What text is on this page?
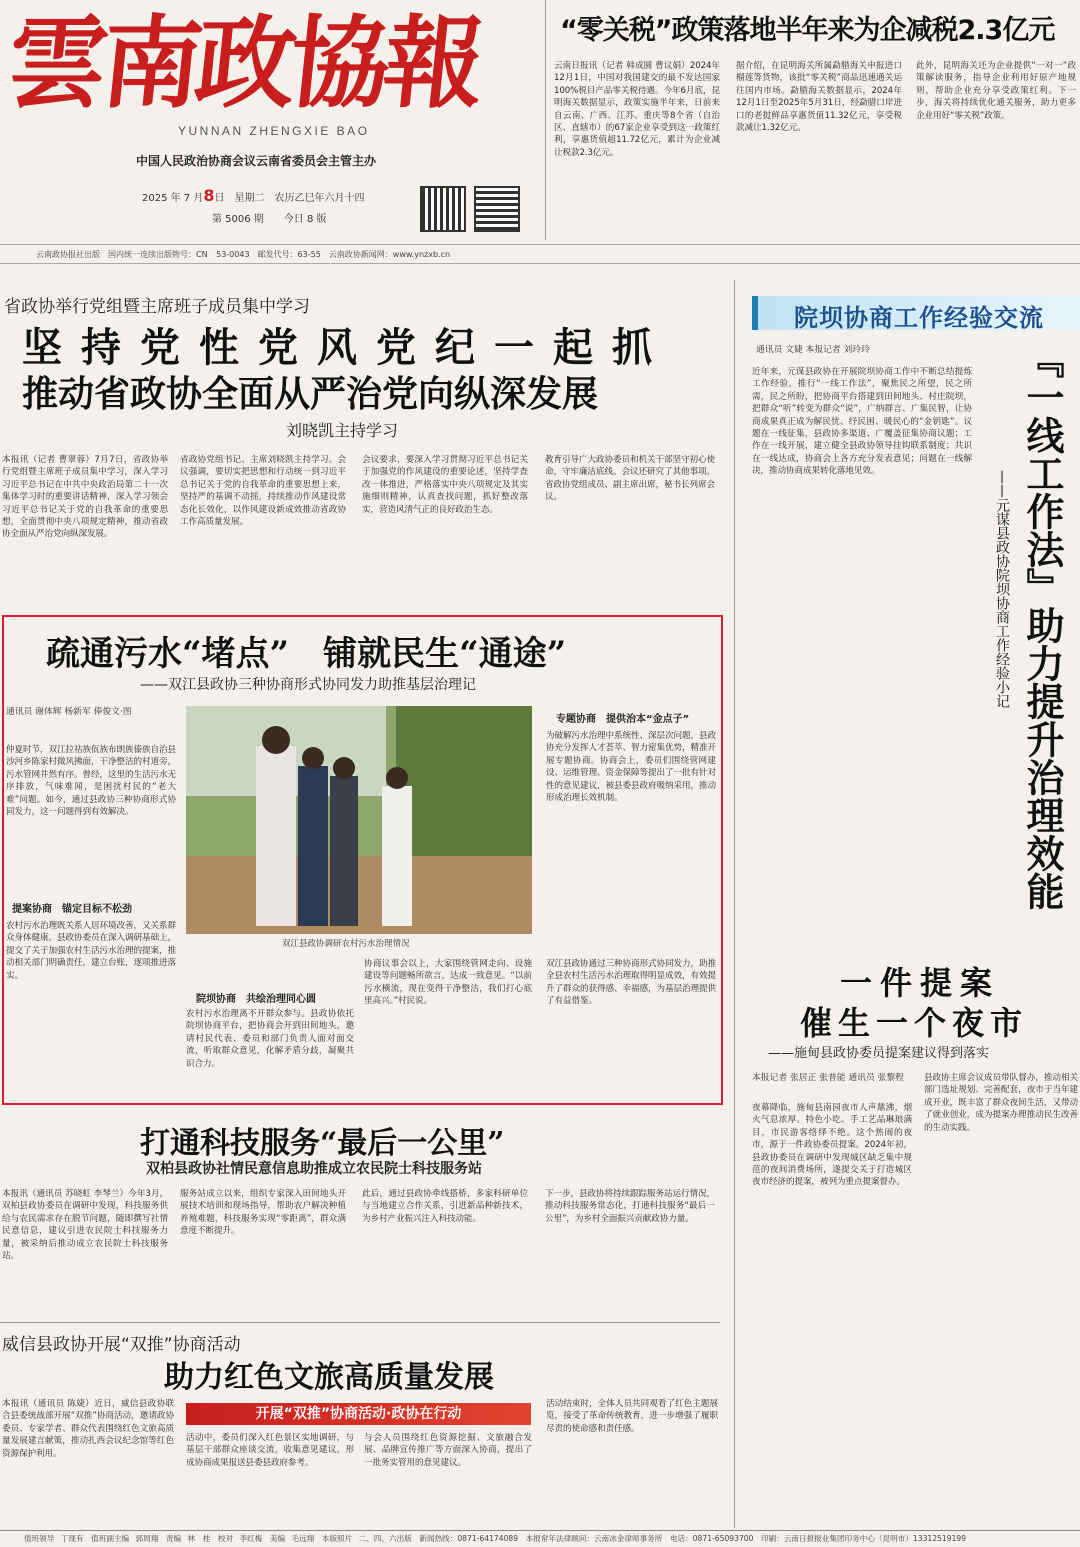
雲南政協報
YUNNAN ZHENGXIE BAO
中国人民政治协商会议云南省委员会主管主办
2025 年 7 月8日　星期二　农历乙巳年六月十四
第 5006 期　　今日 8 版
“零关税”政策落地半年来为企减税2.3亿元
云南日报讯（记者 韩成圆 曹议娟）2024年12月1日，中国对我国建交的最不发达国家100%税目产品零关税待遇。今年6月底，昆明海关数据显示，政策实施半年来，日前来自云南、广西、江苏、重庆等8个省（自治区、直辖市）的67家企业享受到这一政策红利，享惠货值超11.72亿元，累计为企业减让税款2.3亿元。
据介绍，在昆明海关所属勐腊海关申报进口榴莲等货物，该批“零关税”商品迅速通关运往国内市场。勐腊海关数据显示，2024年12月1日至2025年5月31日，经勐腊口岸进口的老挝鲜品享惠货值11.32亿元，享受税款减让1.32亿元。
此外，昆明海关还为企业提供“一对一”政策解读服务，指导企业利用好原产地规则，帮助企业充分享受政策红利。下一步，海关将持续优化通关服务，助力更多企业用好“零关税”政策。
云南政协报社出版　国内统一连续出版物号：CN 53-0043　邮发代号：63-55　云南政协新闻网：www.ynzxb.cn
省政协举行党组暨主席班子成员集中学习
坚持党性党风党纪一起抓
推动省政协全面从严治党向纵深发展
刘晓凯主持学习
本报讯（记者 曹翠蓉）7月7日，省政协举行党组暨主席班子成员集中学习，深入学习习近平总书记在中共中央政治局第二十一次集体学习时的重要讲话精神，深入学习领会习近平总书记关于党的自我革命的重要思想，全面贯彻中央八项规定精神，推动省政协全面从严治党向纵深发展。
省政协党组书记、主席刘晓凯主持学习。会议强调，要切实把思想和行动统一到习近平总书记关于党的自我革命的重要思想上来，坚持严的基调不动摇，持续推动作风建设常态化长效化，以作风建设新成效推动省政协工作高质量发展。
会议要求，要深入学习贯彻习近平总书记关于加强党的作风建设的重要论述，坚持学查改一体推进，严格落实中央八项规定及其实施细则精神，认真查找问题，抓好整改落实，营造风清气正的良好政治生态。
教育引导广大政协委员和机关干部坚守初心使命，守牢廉洁底线。会议还研究了其他事项。省政协党组成员、副主席出席，秘书长列席会议。
疏通污水“堵点”　铺就民生“通途”
——双江县政协三种协商形式协同发力助推基层治理记
通讯员 谢体辉 杨新军 俸俊文·图
仲夏时节，双江拉祜族佤族布朗族傣族自治县沙河乡陈家村微风拂面，干净整洁的村道旁，污水管网井然有序。曾经，这里的生活污水无序排放，气味难闻，是困扰村民的“老大难”问题。如今，通过县政协三种协商形式协同发力，这一问题得到有效解决。
提案协商　锚定目标不松劲
农村污水治理既关系人居环境改善，又关系群众身体健康。县政协委员在深入调研基础上，提交了关于加强农村生活污水治理的提案，推动相关部门明确责任，建立台账，逐项推进落实。
双江县政协调研农村污水治理情况
专题协商　提供治本“金点子”
为破解污水治理中系统性、深层次问题，县政协充分发挥人才荟萃、智力密集优势，精准开展专题协商。协商会上，委员们围绕管网建设、运维管理、资金保障等提出了一批有针对性的意见建议，被县委县政府吸纳采用，推动形成治理长效机制。
院坝协商　共绘治理同心圆
农村污水治理离不开群众参与。县政协依托院坝协商平台，把协商会开到田间地头，邀请村民代表、委员和部门负责人面对面交流，听取群众意见，化解矛盾分歧，凝聚共识合力。
协商议事会以上，大家围绕管网走向、设施建设等问题畅所欲言，达成一致意见。“以前污水横流，现在变得干净整洁，我们打心底里高兴。”村民说。
双江县政协通过三种协商形式协同发力，助推全县农村生活污水治理取得明显成效，有效提升了群众的获得感、幸福感，为基层治理提供了有益借鉴。
打通科技服务“最后一公里”
双柏县政协社情民意信息助推成立农民院士科技服务站
本报讯（通讯员 苏晓虹 李琴兰）今年3月，双柏县政协委员在调研中发现，科技服务供给与农民需求存在脱节问题，随即撰写社情民意信息，建议引进农民院士科技服务力量，被采纳后推动成立农民院士科技服务站。
服务站成立以来，组织专家深入田间地头开展技术培训和现场指导，帮助农户解决种植养殖难题，科技服务实现“零距离”，群众满意度不断提升。
此后，通过县政协牵线搭桥，多家科研单位与当地建立合作关系，引进新品种新技术，为乡村产业振兴注入科技动能。
下一步，县政协将持续跟踪服务站运行情况，推动科技服务常态化，打通科技服务“最后一公里”，为乡村全面振兴贡献政协力量。
威信县政协开展“双推”协商活动
助力红色文旅高质量发展
开展“双推”协商活动·政协在行动
本报讯（通讯员 陈婕）近日，威信县政协联合县委统战部开展“双推”协商活动，邀请政协委员、专家学者、群众代表围绕红色文旅高质量发展建言献策，推动扎西会议纪念馆等红色资源保护利用。
活动中，委员们深入红色景区实地调研，与基层干部群众座谈交流，收集意见建议，形成协商成果报送县委县政府参考。
与会人员围绕红色资源挖掘、文旅融合发展、品牌宣传推广等方面深入协商，提出了一批务实管用的意见建议。
活动结束时，全体人员共同观看了红色主题展览，接受了革命传统教育，进一步增强了履职尽责的使命感和责任感。
院坝协商工作经验交流
通讯员 文婕 本报记者 刘玲玲	『一线工作法』助力提升治理效能
——元谋县政协院坝协商工作经验小记
近年来，元谋县政协在开展院坝协商工作中不断总结提炼工作经验，推行“一线工作法”，聚焦民之所望，民之所需，民之所盼，把协商平台搭建到田间地头、村庄院坝，把群众“听”转变为群众“说”，广纳群言、广集民智，让协商成果真正成为解民忧、纾民困、暖民心的“金钥匙”。议题在一线征集，县政协多渠道、广覆盖征集协商议题；工作在一线开展，建立健全县政协领导挂钩联系制度；共识在一线达成，协商会上各方充分发表意见；问题在一线解决，推动协商成果转化落地见效。
一件提案
催生一个夜市
——施甸县政协委员提案建议得到落实
本报记者 张居正 张普能 通讯员 张黎程
夜幕降临，施甸县南园夜市人声鼎沸，烟火气息浓厚。特色小吃、手工艺品琳琅满目，市民游客络绎不绝。这个热闹的夜市，源于一件政协委员提案。2024年初，县政协委员在调研中发现城区缺乏集中规范的夜间消费场所，遂提交关于打造城区夜市经济的提案，被列为重点提案督办。
县政协主席会议成员带队督办，推动相关部门选址规划、完善配套，夜市于当年建成开业，既丰富了群众夜间生活，又带动了就业创业，成为提案办理推动民生改善的生动实践。
值班领导 丁现有　值班副主编 郭周翔　责编 林　桂　校对 李红梅　美编 毛远翔　本版照片 二、四、六出版　新闻热线：0871-64174089　本报常年法律顾问：云南冰金律师事务所　电话：0871-65093700　印刷：云南日报报业集团印务中心（昆明市）13312519199
